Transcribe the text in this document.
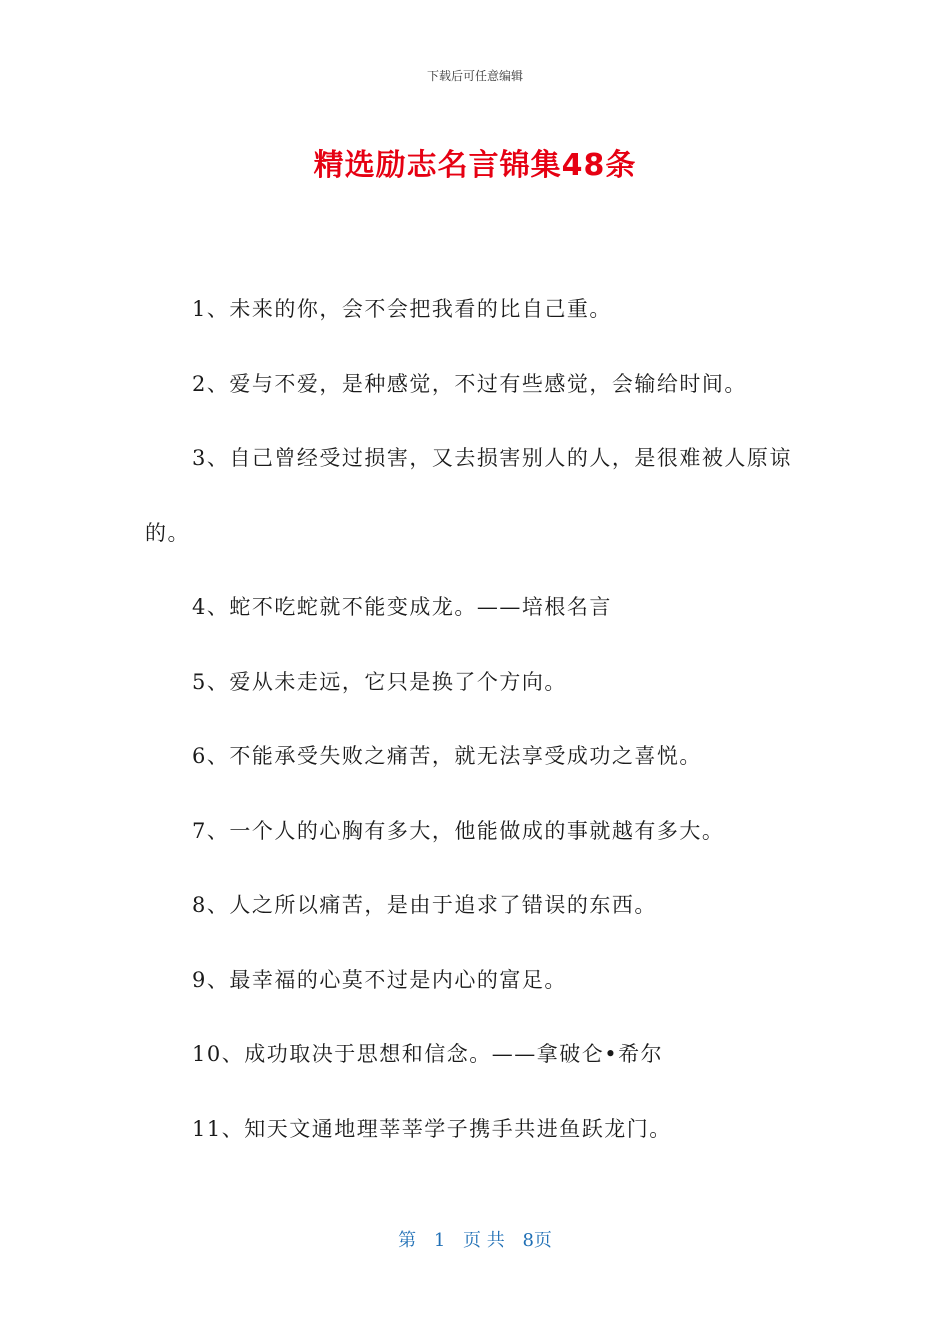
下载后可任意编辑
精选励志名言锦集48条

1、未来的你，会不会把我看的比自己重。

2、爱与不爱，是种感觉，不过有些感觉，会输给时间。

3、自己曾经受过损害，又去损害别人的人，是很难被人原谅的。

4、蛇不吃蛇就不能变成龙。——培根名言

5、爱从未走远，它只是换了个方向。

6、不能承受失败之痛苦，就无法享受成功之喜悦。

7、一个人的心胸有多大，他能做成的事就越有多大。

8、人之所以痛苦，是由于追求了错误的东西。

9、最幸福的心莫不过是内心的富足。

10、成功取决于思想和信念。——拿破仑•希尔

11、知天文通地理莘莘学子携手共进鱼跃龙门。

第 1 页 共 8页
